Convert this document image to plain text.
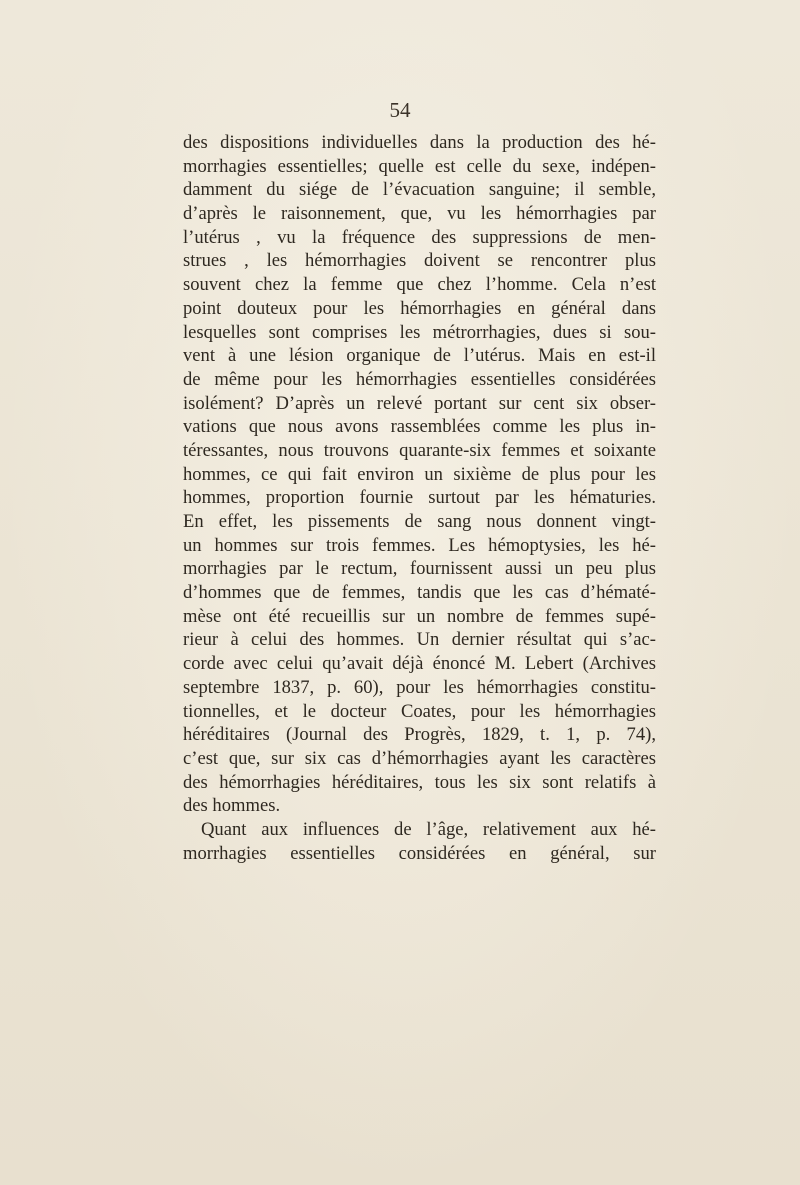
54
des dispositions individuelles dans la production des hé-
morrhagies essentielles; quelle est celle du sexe, indépen-
damment du siége de l’évacuation sanguine; il semble,
d’après le raisonnement, que, vu les hémorrhagies par
l’utérus , vu la fréquence des suppressions de men-
strues , les hémorrhagies doivent se rencontrer plus
souvent chez la femme que chez l’homme. Cela n’est
point douteux pour les hémorrhagies en général dans
lesquelles sont comprises les métrorrhagies, dues si sou-
vent à une lésion organique de l’utérus. Mais en est-il
de même pour les hémorrhagies essentielles considérées
isolément? D’après un relevé portant sur cent six obser-
vations que nous avons rassemblées comme les plus in-
téressantes, nous trouvons quarante-six femmes et soixante
hommes, ce qui fait environ un sixième de plus pour les
hommes, proportion fournie surtout par les hématuries.
En effet, les pissements de sang nous donnent vingt-
un hommes sur trois femmes. Les hémoptysies, les hé-
morrhagies par le rectum, fournissent aussi un peu plus
d’hommes que de femmes, tandis que les cas d’hématé-
mèse ont été recueillis sur un nombre de femmes supé-
rieur à celui des hommes. Un dernier résultat qui s’ac-
corde avec celui qu’avait déjà énoncé M. Lebert (Archives
septembre 1837, p. 60), pour les hémorrhagies constitu-
tionnelles, et le docteur Coates, pour les hémorrhagies
héréditaires (Journal des Progrès, 1829, t. 1, p. 74),
c’est que, sur six cas d’hémorrhagies ayant les caractères
des hémorrhagies héréditaires, tous les six sont relatifs à
des hommes.
Quant aux influences de l’âge, relativement aux hé-
morrhagies essentielles considérées en général, sur
